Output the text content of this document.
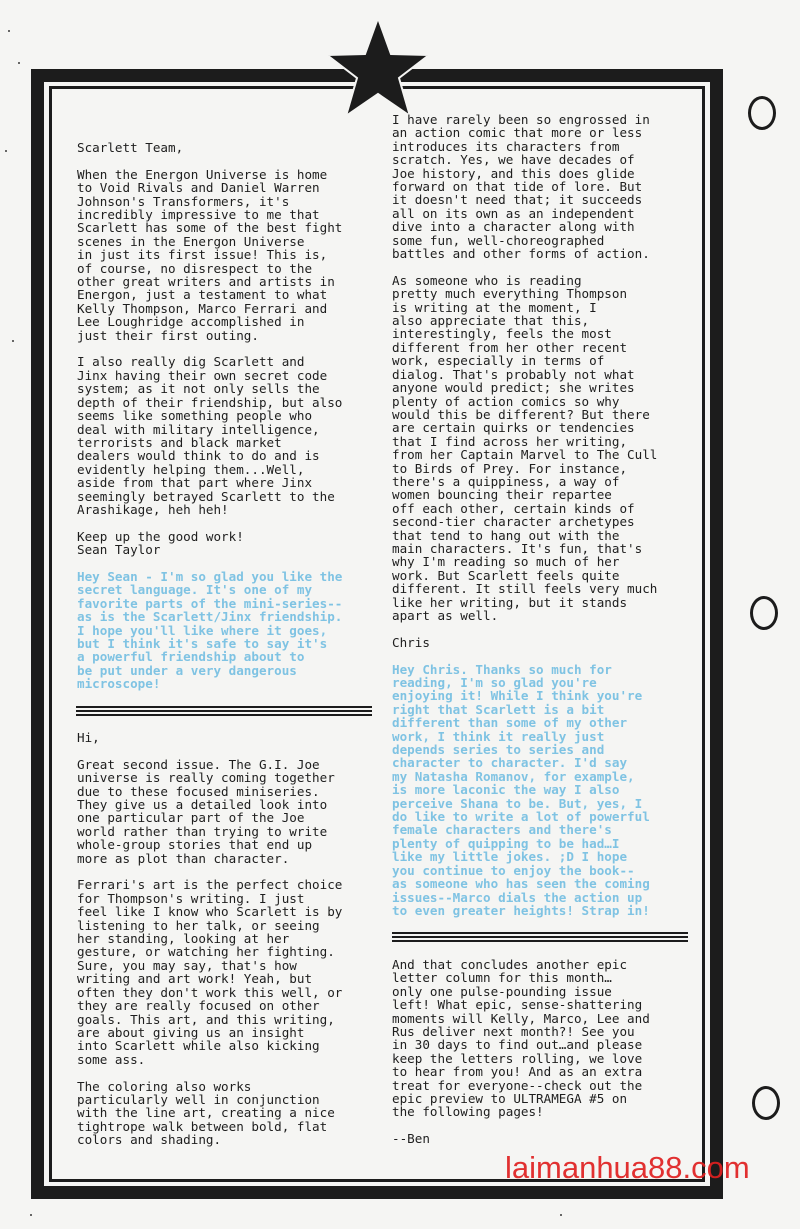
Scarlett Team,

When the Energon Universe is home
to Void Rivals and Daniel Warren
Johnson's Transformers, it's
incredibly impressive to me that
Scarlett has some of the best fight
scenes in the Energon Universe
in just its first issue! This is,
of course, no disrespect to the
other great writers and artists in
Energon, just a testament to what
Kelly Thompson, Marco Ferrari and
Lee Loughridge accomplished in
just their first outing.

I also really dig Scarlett and
Jinx having their own secret code
system; as it not only sells the
depth of their friendship, but also
seems like something people who
deal with military intelligence,
terrorists and black market
dealers would think to do and is
evidently helping them...Well,
aside from that part where Jinx
seemingly betrayed Scarlett to the
Arashikage, heh heh!

Keep up the good work!
Sean Taylor

Hey Sean - I'm so glad you like the
secret language. It's one of my
favorite parts of the mini-series--
as is the Scarlett/Jinx friendship.
I hope you'll like where it goes,
but I think it's safe to say it's
a powerful friendship about to
be put under a very dangerous
microscope!

Hi,

Great second issue. The G.I. Joe
universe is really coming together
due to these focused miniseries.
They give us a detailed look into
one particular part of the Joe
world rather than trying to write
whole-group stories that end up
more as plot than character.

Ferrari's art is the perfect choice
for Thompson's writing. I just
feel like I know who Scarlett is by
listening to her talk, or seeing
her standing, looking at her
gesture, or watching her fighting.
Sure, you may say, that's how
writing and art work! Yeah, but
often they don't work this well, or
they are really focused on other
goals. This art, and this writing,
are about giving us an insight
into Scarlett while also kicking
some ass.

The coloring also works
particularly well in conjunction
with the line art, creating a nice
tightrope walk between bold, flat
colors and shading.

I have rarely been so engrossed in
an action comic that more or less
introduces its characters from
scratch. Yes, we have decades of
Joe history, and this does glide
forward on that tide of lore. But
it doesn't need that; it succeeds
all on its own as an independent
dive into a character along with
some fun, well-choreographed
battles and other forms of action.

As someone who is reading
pretty much everything Thompson
is writing at the moment, I
also appreciate that this,
interestingly, feels the most
different from her other recent
work, especially in terms of
dialog. That's probably not what
anyone would predict; she writes
plenty of action comics so why
would this be different? But there
are certain quirks or tendencies
that I find across her writing,
from her Captain Marvel to The Cull
to Birds of Prey. For instance,
there's a quippiness, a way of
women bouncing their repartee
off each other, certain kinds of
second-tier character archetypes
that tend to hang out with the
main characters. It's fun, that's
why I'm reading so much of her
work. But Scarlett feels quite
different. It still feels very much
like her writing, but it stands
apart as well.

Chris

Hey Chris. Thanks so much for
reading, I'm so glad you're
enjoying it! While I think you're
right that Scarlett is a bit
different than some of my other
work, I think it really just
depends series to series and
character to character. I'd say
my Natasha Romanov, for example,
is more laconic the way I also
perceive Shana to be. But, yes, I
do like to write a lot of powerful
female characters and there's
plenty of quipping to be had…I
like my little jokes. ;D I hope
you continue to enjoy the book--
as someone who has seen the coming
issues--Marco dials the action up
to even greater heights! Strap in!

And that concludes another epic
letter column for this month…
only one pulse-pounding issue
left! What epic, sense-shattering
moments will Kelly, Marco, Lee and
Rus deliver next month?! See you
in 30 days to find out…and please
keep the letters rolling, we love
to hear from you! And as an extra
treat for everyone--check out the
epic preview to ULTRAMEGA #5 on
the following pages!

--Ben

laimanhua88.com
